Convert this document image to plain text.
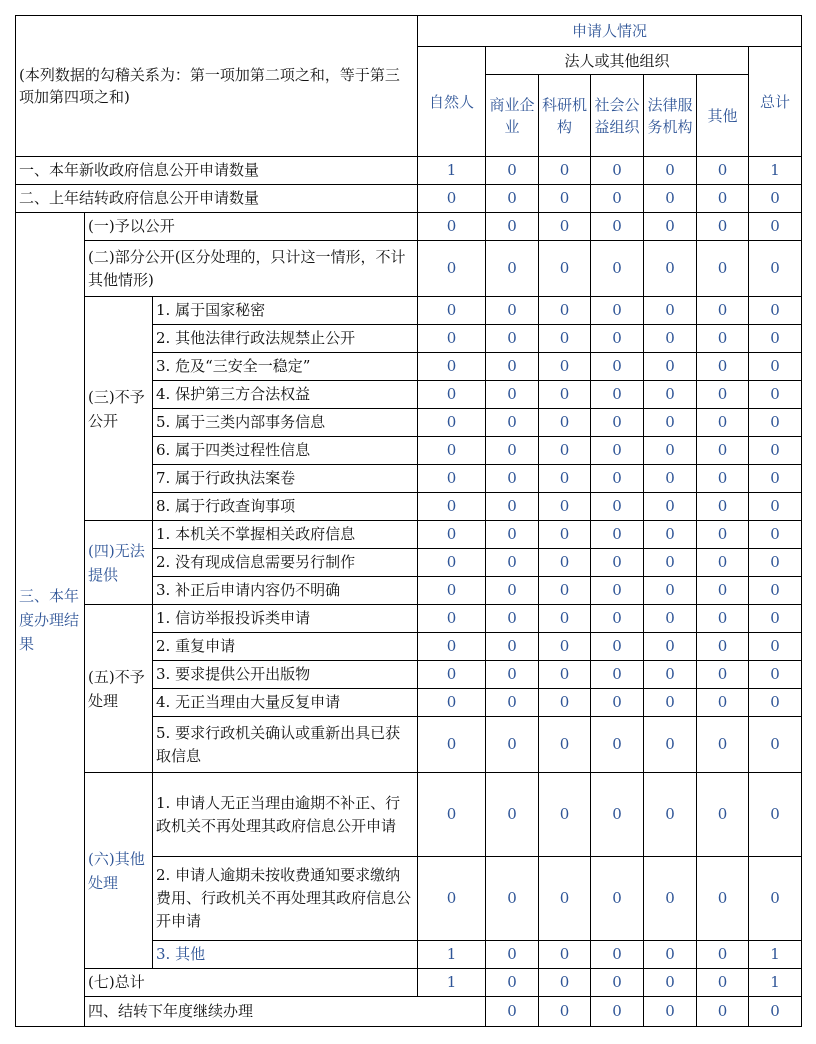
(本列数据的勾稽关系为：第一项加第二项之和，等于第三项加第四项之和)			申请人情况							
			自然人	法人或其他组织					总计	
				商业企业	科研机构	社会公益组织	法律服务机构	其他		
一、本年新收政府信息公开申请数量			1	0	0	0	0	0	1	
二、上年结转政府信息公开申请数量			0	0	0	0	0	0	0	
三、本年度办理结果	(一)予以公开		0	0	0	0	0	0	0	
	(二)部分公开(区分处理的，只计这一情形，不计其他情形)		0	0	0	0	0	0	0	
	(三)不予公开	1. 属于国家秘密	0	0	0	0	0	0	0	
		2. 其他法律行政法规禁止公开	0	0	0	0	0	0	0	
		3. 危及“三安全一稳定”	0	0	0	0	0	0	0	
		4. 保护第三方合法权益	0	0	0	0	0	0	0	
		5. 属于三类内部事务信息	0	0	0	0	0	0	0	
		6. 属于四类过程性信息	0	0	0	0	0	0	0	
		7. 属于行政执法案卷	0	0	0	0	0	0	0	
		8. 属于行政查询事项	0	0	0	0	0	0	0	
	(四)无法提供	1. 本机关不掌握相关政府信息	0	0	0	0	0	0	0	
		2. 没有现成信息需要另行制作	0	0	0	0	0	0	0	
		3. 补正后申请内容仍不明确	0	0	0	0	0	0	0	
	(五)不予处理	1. 信访举报投诉类申请	0	0	0	0	0	0	0	
		2. 重复申请	0	0	0	0	0	0	0	
		3. 要求提供公开出版物	0	0	0	0	0	0	0	
		4. 无正当理由大量反复申请	0	0	0	0	0	0	0	
		5. 要求行政机关确认或重新出具已获取信息	0	0	0	0	0	0	0	
	(六)其他处理	1. 申请人无正当理由逾期不补正、行政机关不再处理其政府信息公开申请	0	0	0	0	0	0	0	
		2. 申请人逾期未按收费通知要求缴纳费用、行政机关不再处理其政府信息公开申请	0	0	0	0	0	0	0	
		3. 其他	1	0	0	0	0	0	1	
	(七)总计		1	0	0	0	0	0	1	
	四、结转下年度继续办理			0	0	0	0	0	0	
